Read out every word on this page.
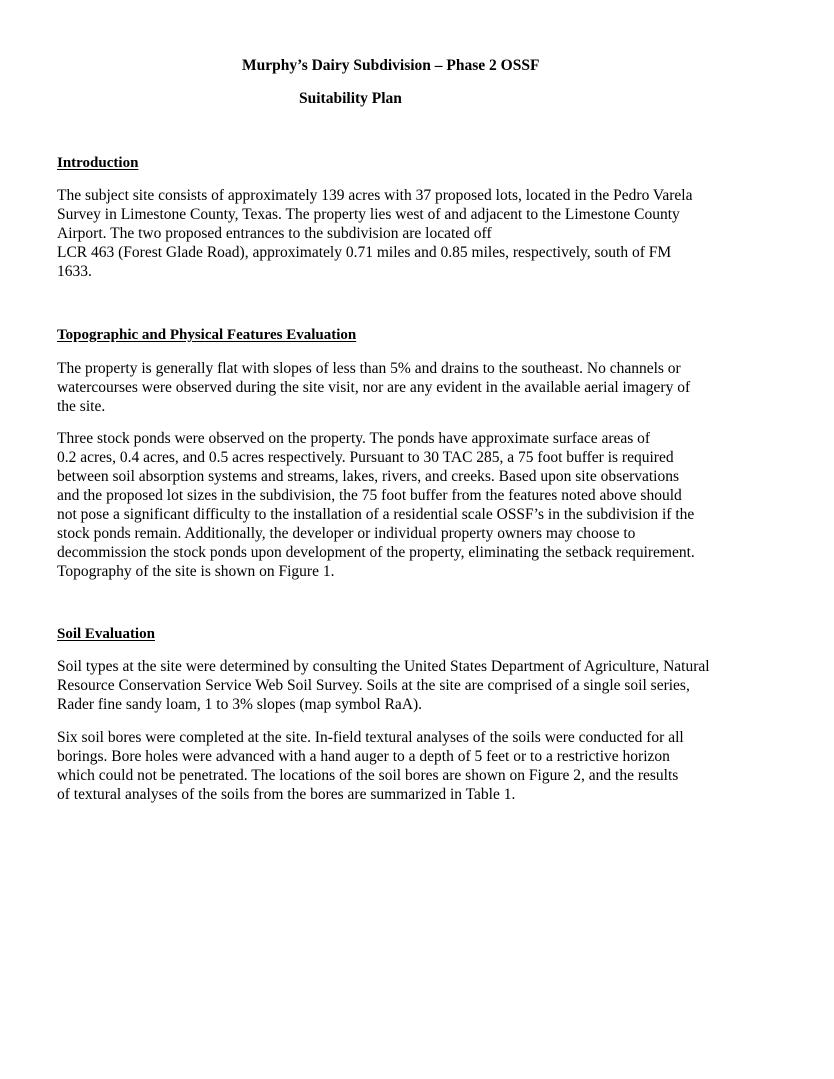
Murphy’s Dairy Subdivision – Phase 2 OSSF
Suitability Plan
Introduction
The subject site consists of approximately 139 acres with 37 proposed lots, located in the Pedro Varela
Survey in Limestone County, Texas. The property lies west of and adjacent to the Limestone County
Airport. The two proposed entrances to the subdivision are located off
LCR 463 (Forest Glade Road), approximately 0.71 miles and 0.85 miles, respectively, south of FM
1633.
Topographic and Physical Features Evaluation
The property is generally flat with slopes of less than 5% and drains to the southeast. No channels or
watercourses were observed during the site visit, nor are any evident in the available aerial imagery of
the site.
Three stock ponds were observed on the property. The ponds have approximate surface areas of
0.2 acres, 0.4 acres, and 0.5 acres respectively. Pursuant to 30 TAC 285, a 75 foot buffer is required
between soil absorption systems and streams, lakes, rivers, and creeks. Based upon site observations
and the proposed lot sizes in the subdivision, the 75 foot buffer from the features noted above should
not pose a significant difficulty to the installation of a residential scale OSSF’s in the subdivision if the
stock ponds remain. Additionally, the developer or individual property owners may choose to
decommission the stock ponds upon development of the property, eliminating the setback requirement.
Topography of the site is shown on Figure 1.
Soil Evaluation
Soil types at the site were determined by consulting the United States Department of Agriculture, Natural
Resource Conservation Service Web Soil Survey. Soils at the site are comprised of a single soil series,
Rader fine sandy loam, 1 to 3% slopes (map symbol RaA).
Six soil bores were completed at the site. In-field textural analyses of the soils were conducted for all
borings. Bore holes were advanced with a hand auger to a depth of 5 feet or to a restrictive horizon
which could not be penetrated. The locations of the soil bores are shown on Figure 2, and the results
of textural analyses of the soils from the bores are summarized in Table 1.
